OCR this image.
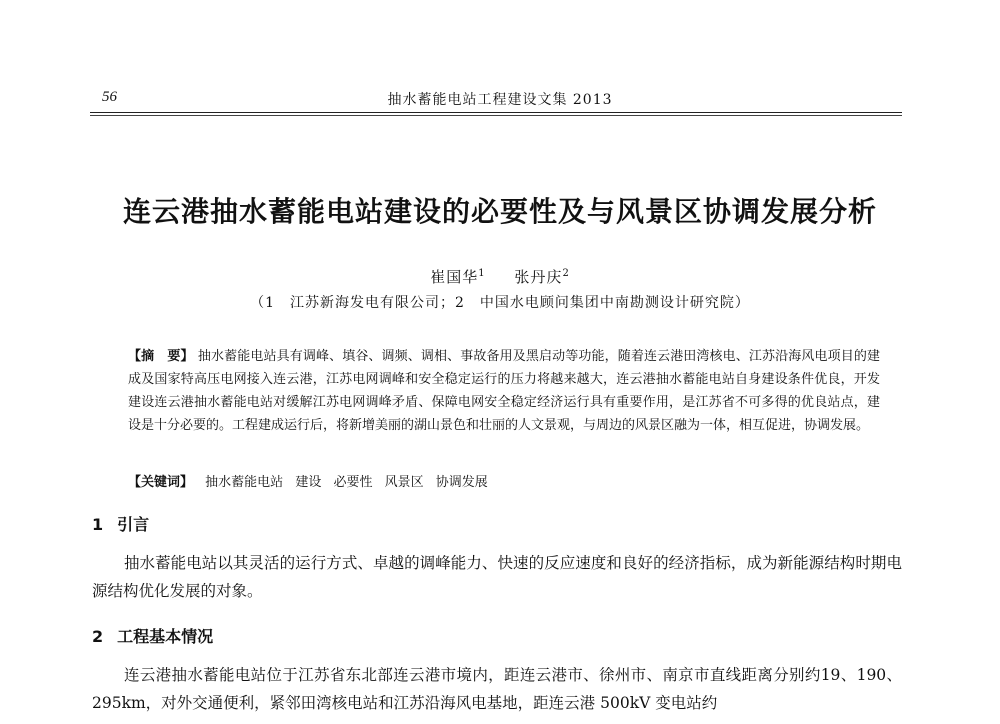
56	抽水蓄能电站工程建设文集 2013
连云港抽水蓄能电站建设的必要性及与风景区协调发展分析
崔国华$^1$ 张丹庆$^2$
（1　江苏新海发电有限公司；2　中国水电顾问集团中南勘测设计研究院）
【摘　要】 抽水蓄能电站具有调峰、填谷、调频、调相、事故备用及黑启动等功能，随着连云港田湾核电、江苏沿海风电项目的建成及国家特高压电网接入连云港，江苏电网调峰和安全稳定运行的压力将越来越大，连云港抽水蓄能电站自身建设条件优良，开发建设连云港抽水蓄能电站对缓解江苏电网调峰矛盾、保障电网安全稳定经济运行具有重要作用，是江苏省不可多得的优良站点，建设是十分必要的。工程建成运行后，将新增美丽的湖山景色和壮丽的人文景观，与周边的风景区融为一体，相互促进，协调发展。
【关键词】 抽水蓄能电站 建设 必要性 风景区 协调发展
1 引言
抽水蓄能电站以其灵活的运行方式、卓越的调峰能力、快速的反应速度和良好的经济指标，成为新能源结构时期电源结构优化发展的对象。
2 工程基本情况
连云港抽水蓄能电站位于江苏省东北部连云港市境内，距连云港市、徐州市、南京市直线距离分别约19、190、295km，对外交通便利，紧邻田湾核电站和江苏沿海风电基地，距连云港 500kV 变电站约
